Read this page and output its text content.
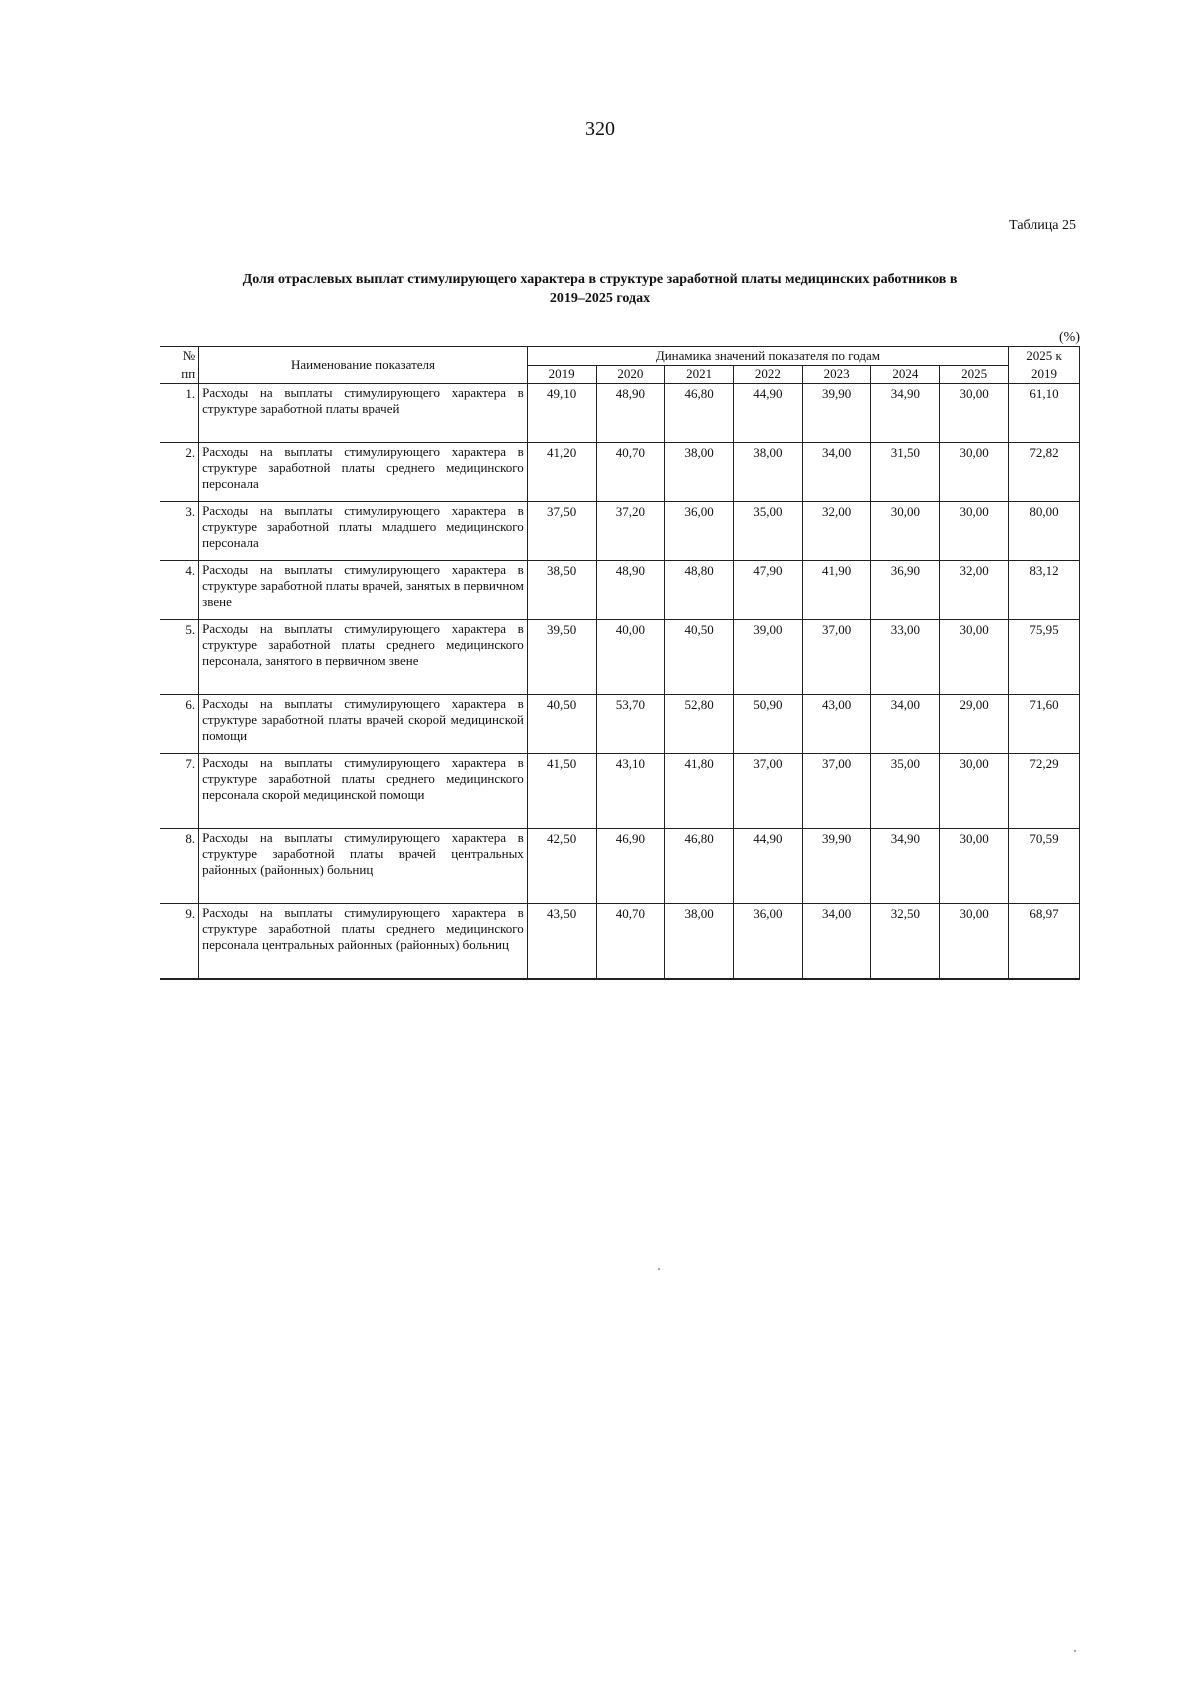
320
Таблица 25
Доля отраслевых выплат стимулирующего характера в структуре заработной платы медицинских работников в 2019–2025 годах
(%)
№	Наименование показателя	Динамика значений показателя по годам							2025 к
пп		2019	2020	2021	2022	2023	2024	2025	2019
1.	Расходы на выплаты стимулирующего характера в структуре заработной платы врачей	49,10	48,90	46,80	44,90	39,90	34,90	30,00	61,10
2.	Расходы на выплаты стимулирующего характера в структуре заработной платы среднего медицинского персонала	41,20	40,70	38,00	38,00	34,00	31,50	30,00	72,82
3.	Расходы на выплаты стимулирующего характера в структуре заработной платы младшего медицинского персонала	37,50	37,20	36,00	35,00	32,00	30,00	30,00	80,00
4.	Расходы на выплаты стимулирующего характера в структуре заработной платы врачей, занятых в первичном звене	38,50	48,90	48,80	47,90	41,90	36,90	32,00	83,12
5.	Расходы на выплаты стимулирующего характера в структуре заработной платы среднего медицинского персонала, занятого в первичном звене	39,50	40,00	40,50	39,00	37,00	33,00	30,00	75,95
6.	Расходы на выплаты стимулирующего характера в структуре заработной платы врачей скорой медицинской помощи	40,50	53,70	52,80	50,90	43,00	34,00	29,00	71,60
7.	Расходы на выплаты стимулирующего характера в структуре заработной платы среднего медицинского персонала скорой медицинской помощи	41,50	43,10	41,80	37,00	37,00	35,00	30,00	72,29
8.	Расходы на выплаты стимулирующего характера в структуре заработной платы врачей центральных районных (районных) больниц	42,50	46,90	46,80	44,90	39,90	34,90	30,00	70,59
9.	Расходы на выплаты стимулирующего характера в структуре заработной платы среднего медицинского персонала центральных районных (районных) больниц	43,50	40,70	38,00	36,00	34,00	32,50	30,00	68,97
